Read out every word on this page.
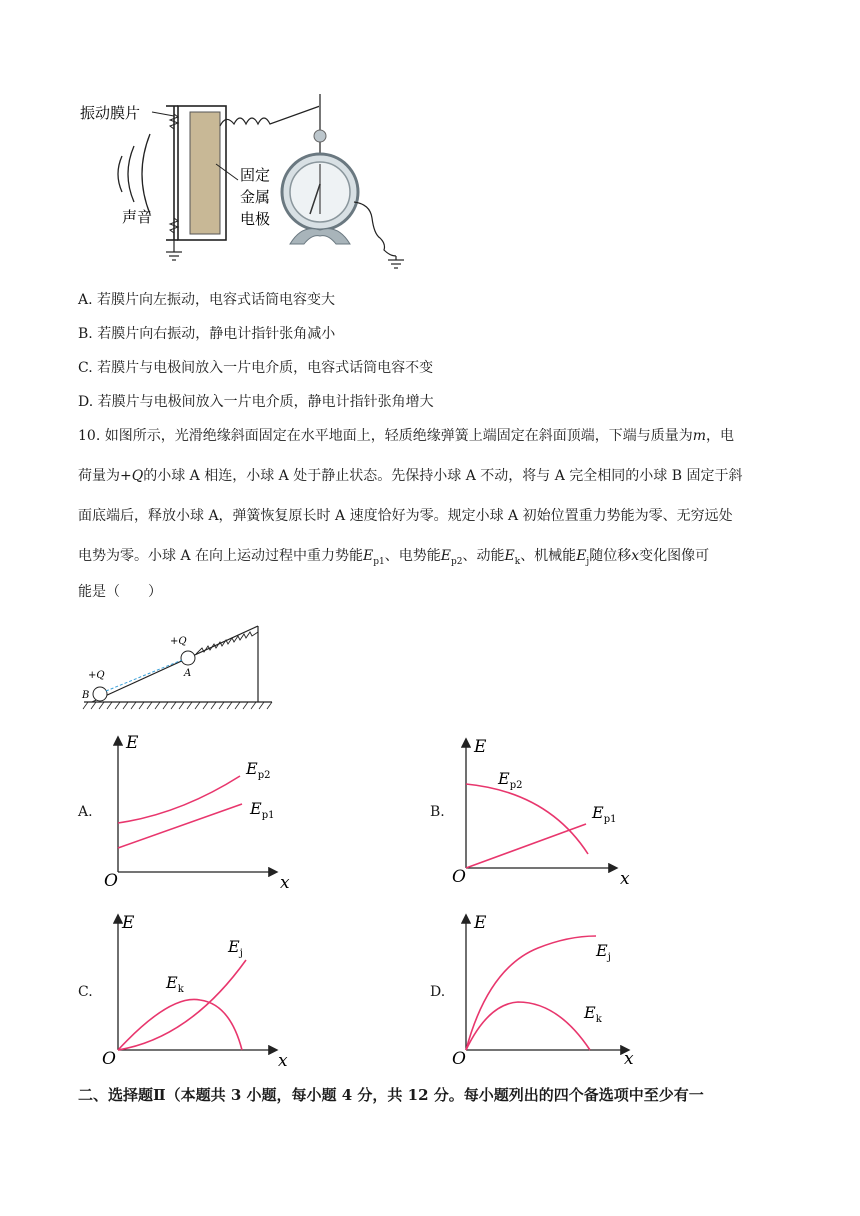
振动膜片
声音
固定
金属
电极
A. 若膜片向左振动，电容式话筒电容变大
B. 若膜片向右振动，静电计指针张角减小
C. 若膜片与电极间放入一片电介质，电容式话筒电容不变
D. 若膜片与电极间放入一片电介质，静电计指针张角增大
10. 如图所示，光滑绝缘斜面固定在水平地面上，轻质绝缘弹簧上端固定在斜面顶端，下端与质量为m，电
荷量为+Q的小球 A 相连，小球 A 处于静止状态。先保持小球 A 不动，将与 A 完全相同的小球 B 固定于斜
面底端后，释放小球 A，弹簧恢复原长时 A 速度恰好为零。规定小球 A 初始位置重力势能为零、无穷远处
电势为零。小球 A 在向上运动过程中重力势能$E_{p1}$、电势能$E_{p2}$、动能$E_k$、机械能$E_j$随位移x变化图像可
能是（　　）
+Q
+Q	A
B
A.
E
x
O
$E_{p2}$
$E_{p1}$	B.
E
x
O
$E_{p2}$
$E_{p1}$
C.
E
x
O
$E_j$
$E_k$	D.
E
x
O
$E_j$
$E_k$
二、选择题Ⅱ（本题共 3 小题，每小题 4 分，共 12 分。每小题列出的四个备选项中至少有一
